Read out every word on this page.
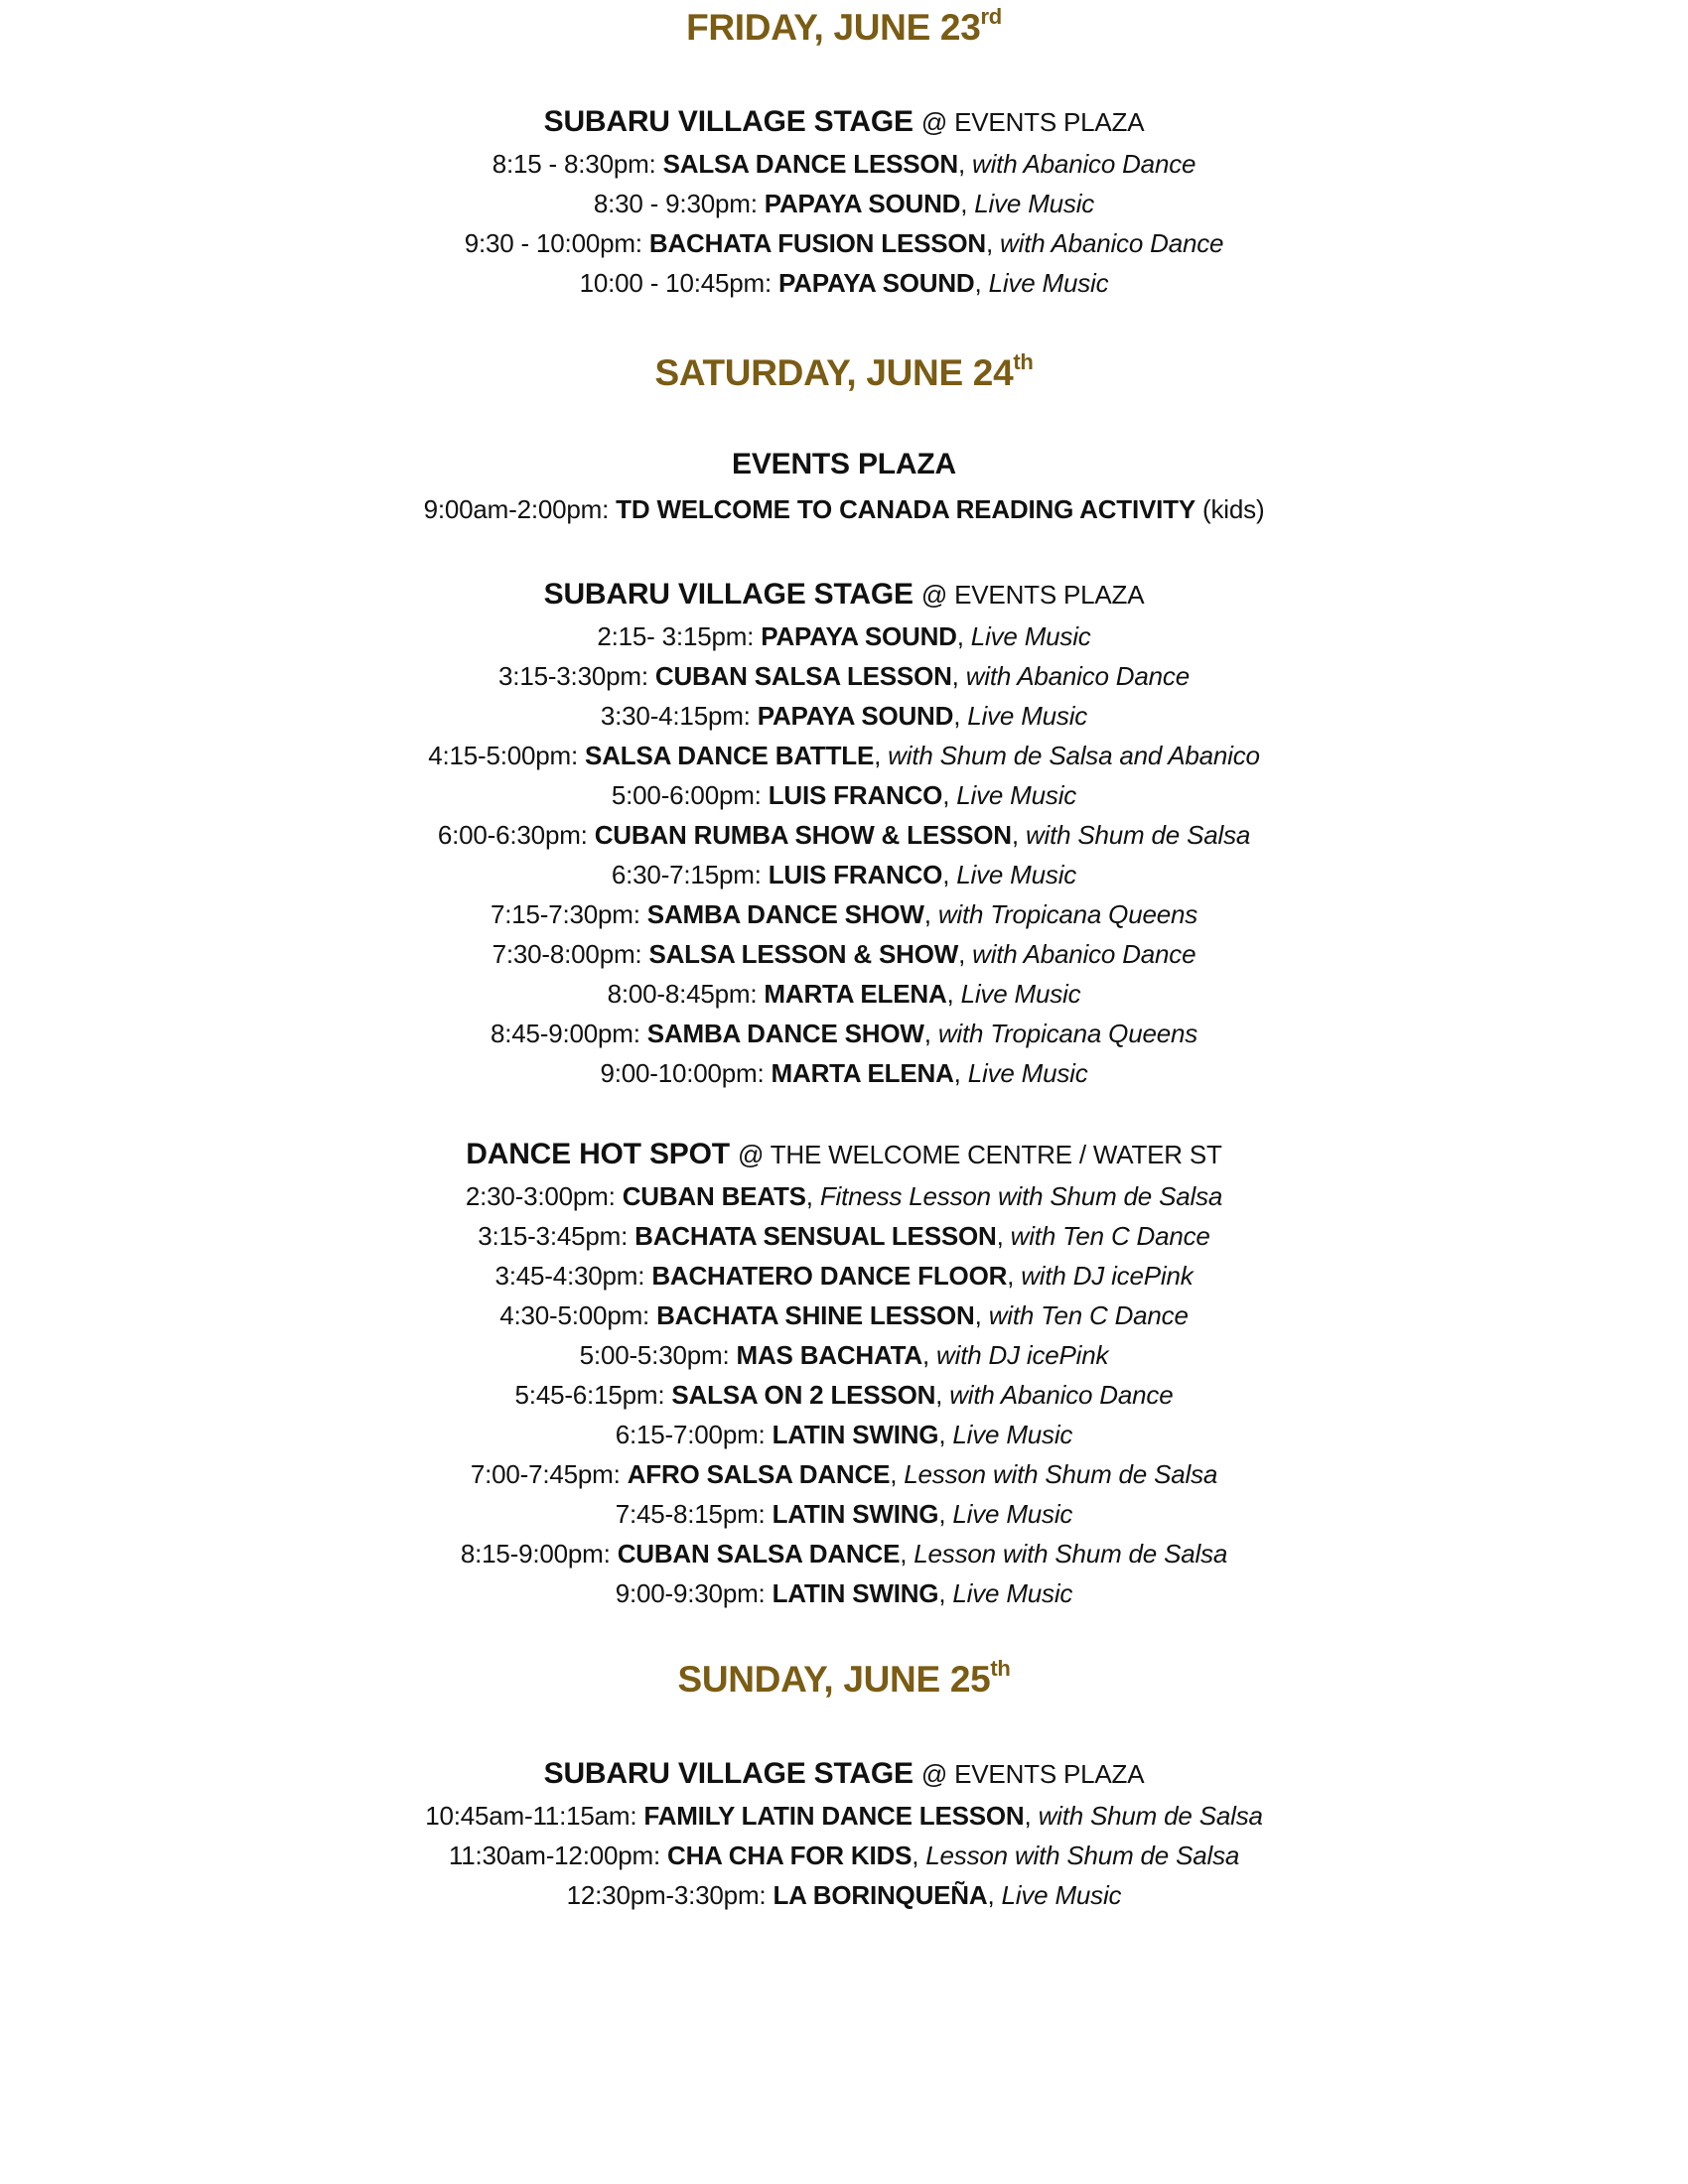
FRIDAY, JUNE 23rd
SUBARU VILLAGE STAGE @ EVENTS PLAZA
8:15 - 8:30pm: SALSA DANCE LESSON, with Abanico Dance
8:30 - 9:30pm: PAPAYA SOUND, Live Music
9:30 - 10:00pm: BACHATA FUSION LESSON, with Abanico Dance
10:00 - 10:45pm: PAPAYA SOUND, Live Music
SATURDAY, JUNE 24th
EVENTS PLAZA
9:00am-2:00pm: TD WELCOME TO CANADA READING ACTIVITY (kids)
SUBARU VILLAGE STAGE @ EVENTS PLAZA
2:15- 3:15pm: PAPAYA SOUND, Live Music
3:15-3:30pm: CUBAN SALSA LESSON, with Abanico Dance
3:30-4:15pm: PAPAYA SOUND, Live Music
4:15-5:00pm: SALSA DANCE BATTLE, with Shum de Salsa and Abanico
5:00-6:00pm: LUIS FRANCO, Live Music
6:00-6:30pm: CUBAN RUMBA SHOW & LESSON, with Shum de Salsa
6:30-7:15pm: LUIS FRANCO, Live Music
7:15-7:30pm: SAMBA DANCE SHOW, with Tropicana Queens
7:30-8:00pm: SALSA LESSON & SHOW, with Abanico Dance
8:00-8:45pm: MARTA ELENA, Live Music
8:45-9:00pm: SAMBA DANCE SHOW, with Tropicana Queens
9:00-10:00pm: MARTA ELENA, Live Music
DANCE HOT SPOT @ THE WELCOME CENTRE / WATER ST
2:30-3:00pm: CUBAN BEATS, Fitness Lesson with Shum de Salsa
3:15-3:45pm: BACHATA SENSUAL LESSON, with Ten C Dance
3:45-4:30pm: BACHATERO DANCE FLOOR, with DJ icePink
4:30-5:00pm: BACHATA SHINE LESSON, with Ten C Dance
5:00-5:30pm: MAS BACHATA, with DJ icePink
5:45-6:15pm: SALSA ON 2 LESSON, with Abanico Dance
6:15-7:00pm: LATIN SWING, Live Music
7:00-7:45pm: AFRO SALSA DANCE, Lesson with Shum de Salsa
7:45-8:15pm: LATIN SWING, Live Music
8:15-9:00pm: CUBAN SALSA DANCE, Lesson with Shum de Salsa
9:00-9:30pm: LATIN SWING, Live Music
SUNDAY, JUNE 25th
SUBARU VILLAGE STAGE @ EVENTS PLAZA
10:45am-11:15am: FAMILY LATIN DANCE LESSON, with Shum de Salsa
11:30am-12:00pm: CHA CHA FOR KIDS, Lesson with Shum de Salsa
12:30pm-3:30pm: LA BORINQUEÑA, Live Music
